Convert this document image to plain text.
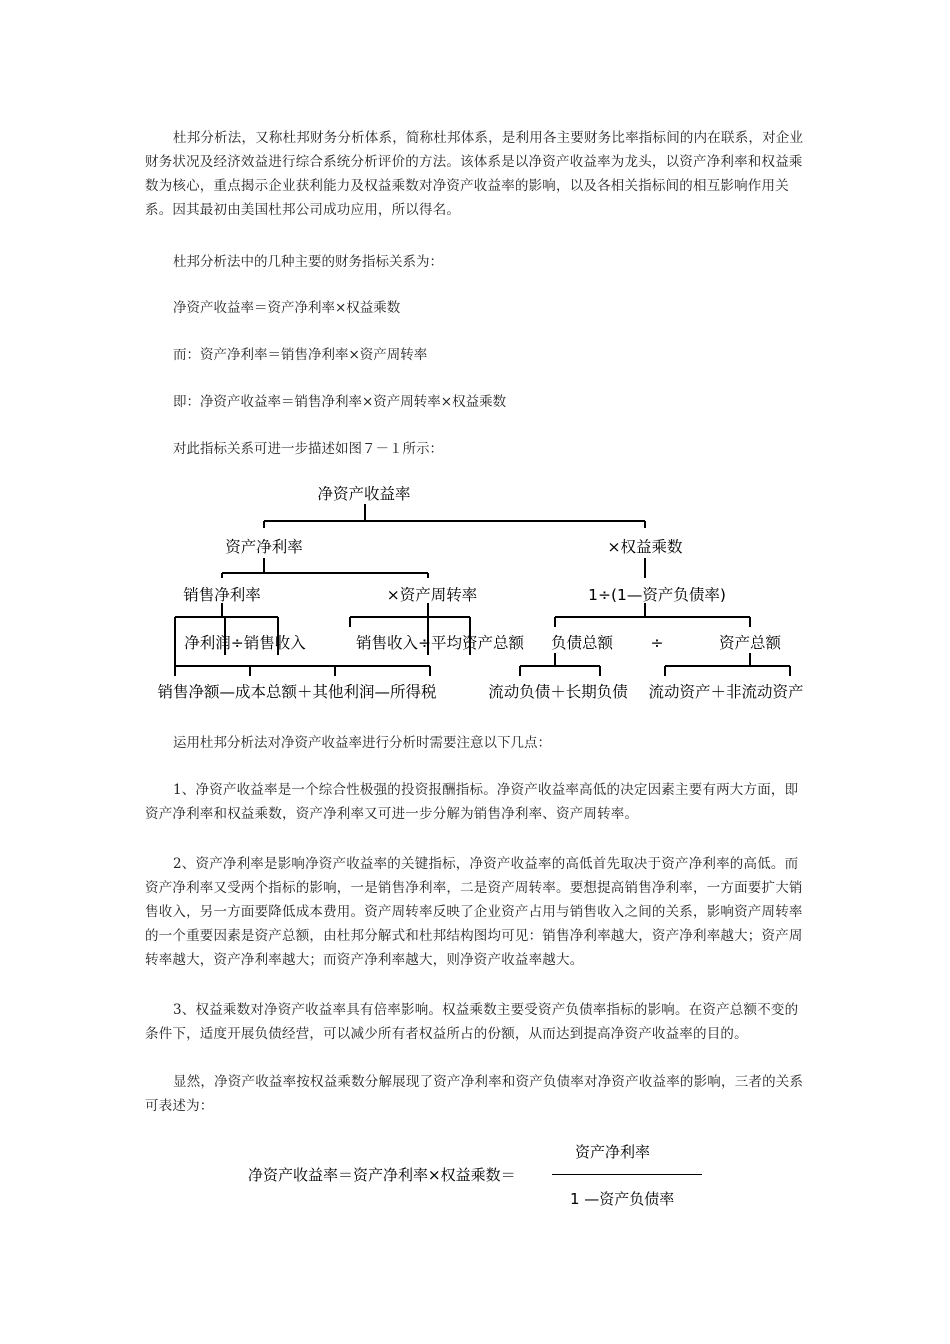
杜邦分析法，又称杜邦财务分析体系，简称杜邦体系，是利用各主要财务比率指标间的内在联系，对企业财务状况及经济效益进行综合系统分析评价的方法。该体系是以净资产收益率为龙头，以资产净利率和权益乘数为核心，重点揭示企业获利能力及权益乘数对净资产收益率的影响，以及各相关指标间的相互影响作用关系。因其最初由美国杜邦公司成功应用，所以得名。

杜邦分析法中的几种主要的财务指标关系为：

净资产收益率＝资产净利率×权益乘数

而：资产净利率＝销售净利率×资产周转率

即：净资产收益率＝销售净利率×资产周转率×权益乘数

对此指标关系可进一步描述如图７－１所示：

净资产收益率
资产净利率	×权益乘数
销售净利率	×资产周转率	1÷(1—资产负债率)
净利润÷销售收入	销售收入÷平均资产总额 负债总额 ÷	资产总额
销售净额—成本总额＋其他利润—所得税	流动负债＋长期负债 流动资产＋非流动资产

运用杜邦分析法对净资产收益率进行分析时需要注意以下几点：

1、净资产收益率是一个综合性极强的投资报酬指标。净资产收益率高低的决定因素主要有两大方面，即资产净利率和权益乘数，资产净利率又可进一步分解为销售净利率、资产周转率。

2、资产净利率是影响净资产收益率的关键指标，净资产收益率的高低首先取决于资产净利率的高低。而资产净利率又受两个指标的影响，一是销售净利率，二是资产周转率。要想提高销售净利率，一方面要扩大销售收入，另一方面要降低成本费用。资产周转率反映了企业资产占用与销售收入之间的关系，影响资产周转率的一个重要因素是资产总额，由杜邦分解式和杜邦结构图均可见：销售净利率越大，资产净利率越大；资产周转率越大，资产净利率越大；而资产净利率越大，则净资产收益率越大。

3、权益乘数对净资产收益率具有倍率影响。权益乘数主要受资产负债率指标的影响。在资产总额不变的条件下，适度开展负债经营，可以减少所有者权益所占的份额，从而达到提高净资产收益率的目的。

显然，净资产收益率按权益乘数分解展现了资产净利率和资产负债率对净资产收益率的影响，三者的关系可表述为：

资产净利率
净资产收益率＝资产净利率×权益乘数＝
1 —资产负债率
